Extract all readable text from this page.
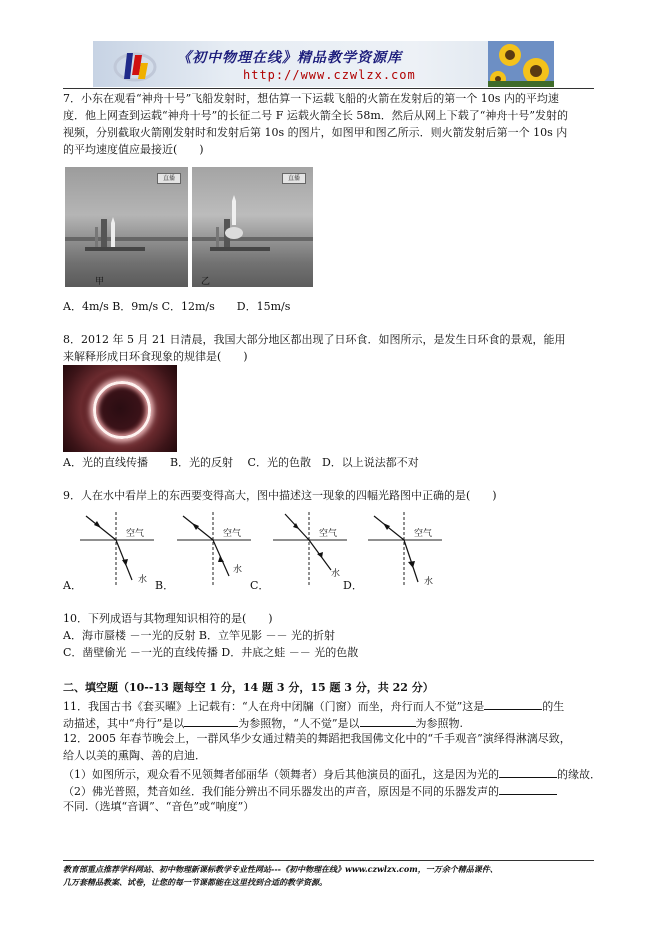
《初中物理在线》精品教学资源库
http://www.czwlzx.com
7．小东在观看“神舟十号”飞船发射时，想估算一下运载飞船的火箭在发射后的第一个 10s 内的平均速
度．他上网查到运载“神舟十号”的长征二号 F 运载火箭全长 58m．然后从网上下载了“神舟十号”发射的
视频，分别截取火箭刚发射时和发射后第 10s 的图片，如图甲和图乙所示．则火箭发射后第一个 10s 内
的平均速度值应最接近(　　)
直播
甲
直播
乙
A．4m/s B．9m/s C．12m/s　　D．15m/s
8．2012 年 5 月 21 日清晨，我国大部分地区都出现了日环食．如图所示，是发生日环食的景观，能用
来解释形成日环食现象的规律是(　　)
A．光的直线传播　　B．光的反射　 C．光的色散　D．以上说法都不对
9．人在水中看岸上的东西要变得高大，图中描述这一现象的四幅光路图中正确的是(　　)
空气
水
空气
水
空气
水
空气
水
A．	B．	C．	D．
10．下列成语与其物理知识相符的是(　　)
A．海市蜃楼 －一光的反射 B．立竿见影 －－ 光的折射
C．凿壁偷光 －一光的直线传播 D．井底之蛙 －－ 光的色散
二、填空题（10--13 题每空 1 分，14 题 3 分，15 题 3 分，共 22 分）
11．我国古书《套买曜》上记载有：“人在舟中闭牖（门窗）而坐，舟行而人不觉”这是	的生
动描述，其中“舟行”是以	为参照物，“人不觉”是以	为参照物.
12．2005 年春节晚会上，一群风华少女通过精美的舞蹈把我国佛文化中的“千手观音”演绎得淋漓尽致，
给人以美的熏陶、善的启迪．
（1）如图所示，观众看不见领舞者邰丽华（领舞者）身后其他演员的面孔，这是因为光的	的缘故．
（2）佛光普照，梵音如丝．我们能分辨出不同乐器发出的声音，原因是不同的乐器发声的
不同.（选填“音调”、“音色”或“响度”）
教育部重点推荐学科网站、初中物理新课标教学专业性网站---《初中物理在线》www.czwlzx.com，一万余个精品课件、
几万套精品教案、试卷，让您的每一节课都能在这里找到合适的教学资源。
